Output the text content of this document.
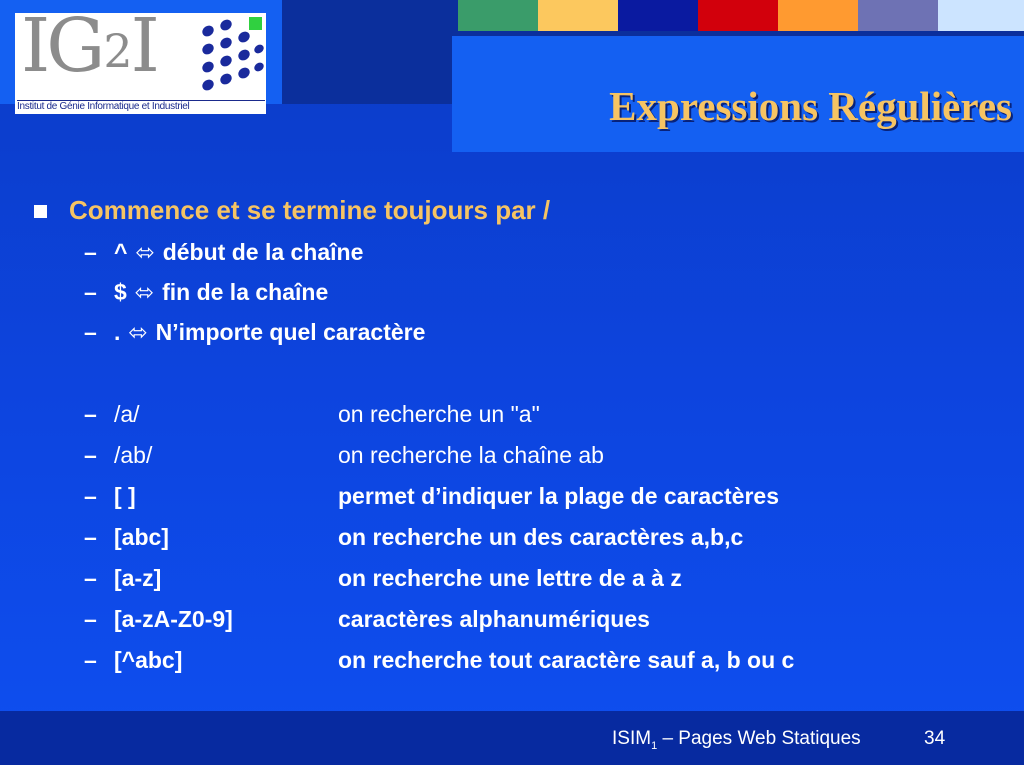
IG2I
Institut de Génie Informatique et Industriel	Expressions Régulières
Commence et se termine toujours par /
– ^ ⬄ début de la chaîne
– $ ⬄ fin de la chaîne
– . ⬄ N’importe quel caractère
– /a/	on recherche un "a"
– /ab/	on recherche la chaîne ab
– [ ]	permet d’indiquer la plage de caractères
– [abc]	on recherche un des caractères a,b,c
– [a-z]	on recherche une lettre de a à z
– [a-zA-Z0-9]	caractères alphanumériques
– [^abc]	on recherche tout caractère sauf a, b ou c
$ISIM_1$ – Pages Web Statiques	34
